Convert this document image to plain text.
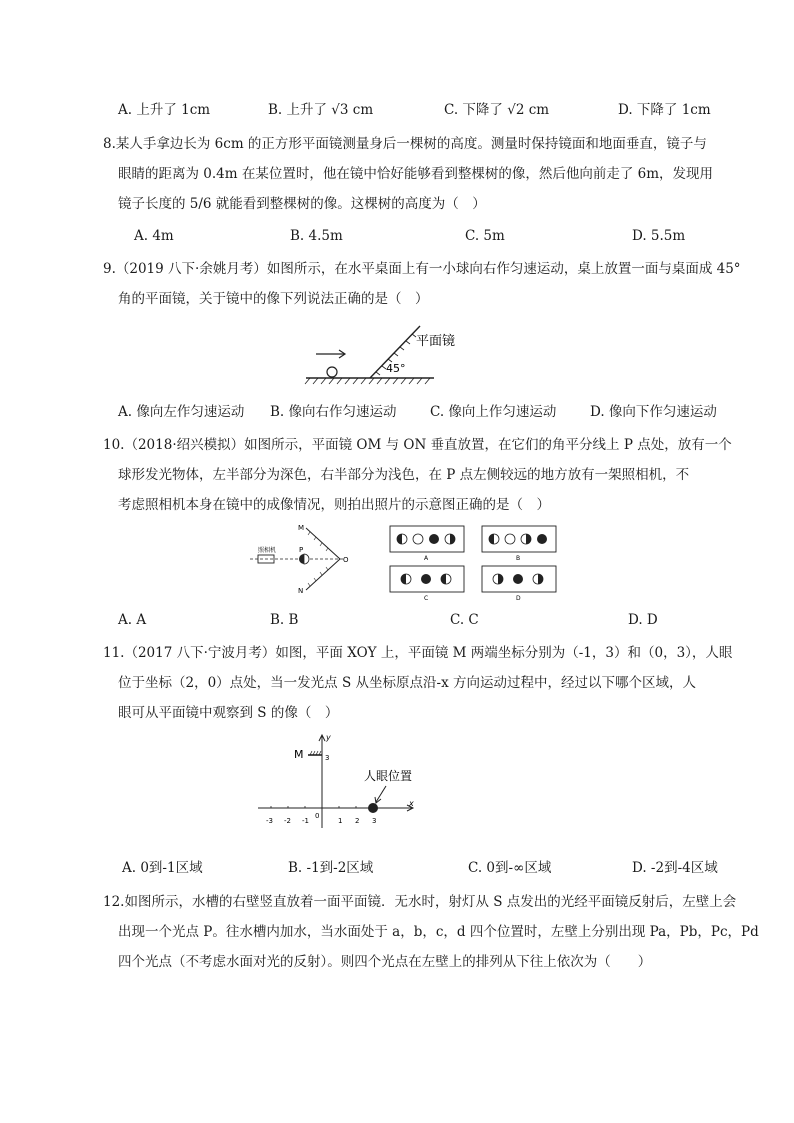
A. 上升了 1cm	B. 上升了 √3 cm	C. 下降了 √2 cm	D. 下降了 1cm
8.某人手拿边长为 6cm 的正方形平面镜测量身后一棵树的高度。测量时保持镜面和地面垂直，镜子与
眼睛的距离为 0.4m 在某位置时，他在镜中恰好能够看到整棵树的像，然后他向前走了 6m，发现用
镜子长度的 5/6 就能看到整棵树的像。这棵树的高度为（　）
A. 4m	B. 4.5m	C. 5m	D. 5.5m
9.（2019 八下·余姚月考）如图所示，在水平桌面上有一小球向右作匀速运动，桌上放置一面与桌面成 45°
角的平面镜，关于镜中的像下列说法正确的是（　）
平面镜
45°
A. 像向左作匀速运动 B. 像向右作匀速运动 C. 像向上作匀速运动 D. 像向下作匀速运动
10.（2018·绍兴模拟）如图所示，平面镜 OM 与 ON 垂直放置，在它们的角平分线上 P 点处，放有一个
球形发光物体，左半部分为深色，右半部分为浅色，在 P 点左侧较远的地方放有一架照相机，不
考虑照相机本身在镜中的成像情况，则拍出照片的示意图正确的是（　）
照相机	P
M
N
O	A	B
C	D
A. A	B. B	C. C	D. D
11.（2017 八下·宁波月考）如图，平面 XOY 上，平面镜 M 两端坐标分别为（-1，3）和（0，3），人眼
位于坐标（2，0）点处，当一发光点 S 从坐标原点沿-x 方向运动过程中，经过以下哪个区域，人
眼可从平面镜中观察到 S 的像（　）
y
x
-3 -2 -1
0
1 2 3
M	3
人眼位置
A. 0到-1区域	B. -1到-2区域	C. 0到-∞区域	D. -2到-4区域
12.如图所示，水槽的右壁竖直放着一面平面镜．无水时，射灯从 S 点发出的光经平面镜反射后，左壁上会
出现一个光点 P。往水槽内加水，当水面处于 a，b，c，d 四个位置时，左壁上分别出现 Pa，Pb，Pc，Pd
四个光点（不考虑水面对光的反射）。则四个光点在左壁上的排列从下往上依次为（　　）
